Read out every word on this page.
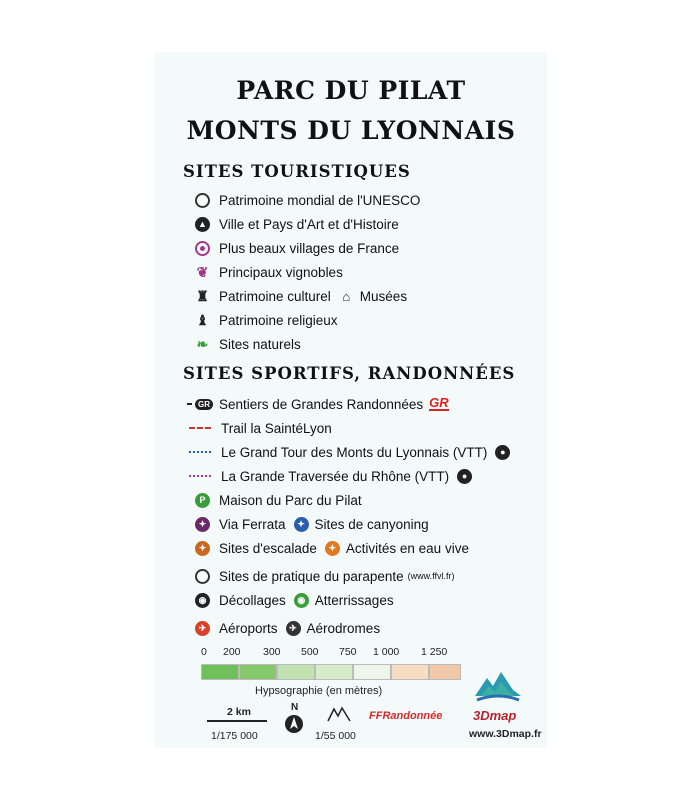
PARC DU PILAT
MONTS DU LYONNAIS
SITES TOURISTIQUES
Patrimoine mondial de l'UNESCO
▲ Ville et Pays d'Art et d'Histoire
Plus beaux villages de France
❦ Principaux vignobles
♜ Patrimoine culturel ⌂ Musées
♝ Patrimoine religieux
❧ Sites naturels
SITES SPORTIFS, RANDONNÉES
GR Sentiers de Grandes Randonnées GR
Trail la SaintéLyon
Le Grand Tour des Monts du Lyonnais (VTT)	●
La Grande Traversée du Rhône (VTT)	●
P	Maison du Parc du Pilat
✦ Via Ferrata	✦ Sites de canyoning
✦ Sites d'escalade	✦ Activités en eau vive
Sites de pratique du parapente (www.ffvl.fr)
◉ Décollages	◉ Atterrissages
✈ Aéroports	✈ Aérodromes
0 200 300 500 750 1 000 1 250
Hypsographie (en mètres)
3Dmap
www.3Dmap.fr
2 km
1/175 000
N
1/55 000
FFRandonnée
